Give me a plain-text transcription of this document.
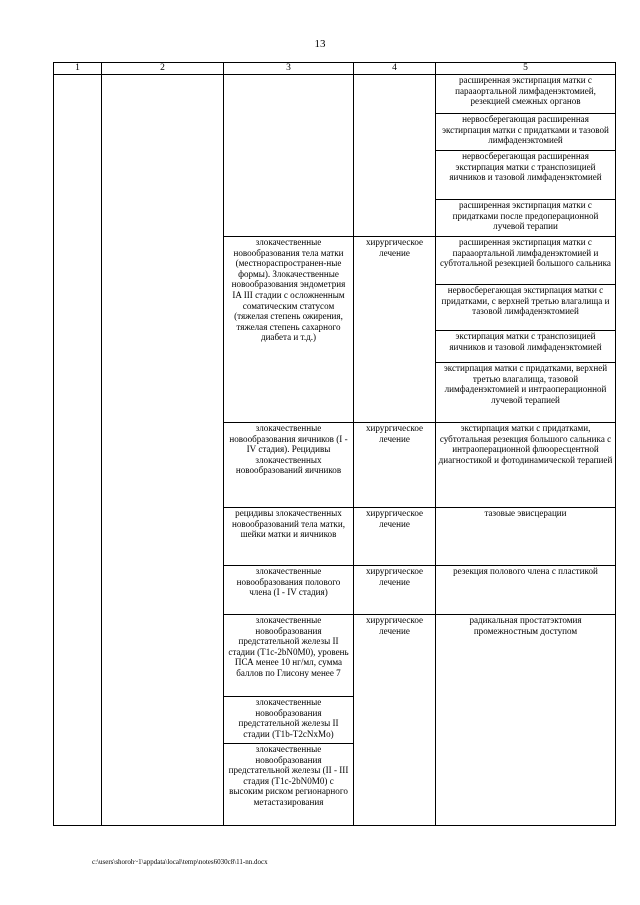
13
1	2	3	4	5
				расширенная экстирпация матки с парааортальной лимфаденэктомией, резекцией смежных органов
				нервосберегающая расширенная экстирпация матки с придатками и тазовой лимфаденэктомией
				нервосберегающая расширенная экстирпация матки с транспозицией яичников и тазовой лимфаденэктомией
				расширенная экстирпация матки с придатками после предоперационной лучевой терапии
		злокачественные новообразования тела матки (местнораспространен-ные формы). Злокачественные новообразования эндометрия IA III стадии с осложненным соматическим статусом (тяжелая степень ожирения, тяжелая степень сахарного диабета и т.д.)	хирургическое лечение	расширенная экстирпация матки с парааортальной лимфаденэктомией и субтотальной резекцией большого сальника
				нервосберегающая экстирпация матки с придатками, с верхней третью влагалища и тазовой лимфаденэктомией
				экстирпация матки с транспозицией яичников и тазовой лимфаденэктомией
				экстирпация матки с придатками, верхней третью влагалища, тазовой лимфаденэктомией и интраоперационной лучевой терапией
		злокачественные новообразования яичников (I - IV стадия). Рецидивы злокачественных новообразований яичников	хирургическое лечение	экстирпация матки с придатками, субтотальная резекция большого сальника с интраоперационной флюоресцентной диагностикой и фотодинамической терапией
		рецидивы злокачественных новообразований тела матки, шейки матки и яичников	хирургическое лечение	тазовые эвисцерации
		злокачественные новообразования полового члена (I - IV стадия)	хирургическое лечение	резекция полового члена с пластикой
		злокачественные новообразования предстательной железы II стадии (T1c-2bN0M0), уровень ПСА менее 10 нг/мл, сумма баллов по Глисону менее 7	хирургическое лечение	радикальная простатэктомия промежностным доступом
		злокачественные новообразования предстательной железы II стадии (T1b-T2cNxMo)		
		злокачественные новообразования предстательной железы (II - III стадия (T1c-2bN0M0) с высоким риском регионарного метастазирования		
c:\users\shoroh~1\appdata\local\temp\notes6030c8\11-nn.docx
